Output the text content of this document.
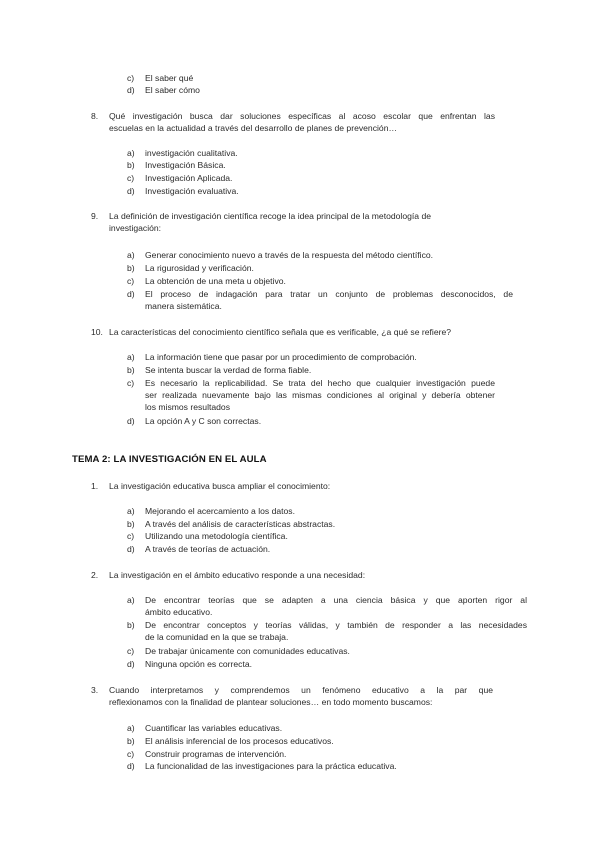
c) El saber qué
d) El saber cómo
8. Qué investigación busca dar soluciones específicas al acoso escolar que enfrentan las
escuelas en la actualidad a través del desarrollo de planes de prevención…
a) investigación cualitativa.
b) Investigación Básica.
c) Investigación Aplicada.
d) Investigación evaluativa.
9. La definición de investigación científica recoge la idea principal de la metodología de
investigación:
a) Generar conocimiento nuevo a través de la respuesta del método científico.
b) La rigurosidad y verificación.
c) La obtención de una meta u objetivo.
d) El proceso de indagación para tratar un conjunto de problemas desconocidos, de
manera sistemática.
10. La características del conocimiento científico señala que es verificable, ¿a qué se refiere?
a) La información tiene que pasar por un procedimiento de comprobación.
b) Se intenta buscar la verdad de forma fiable.
c) Es necesario la replicabilidad. Se trata del hecho que cualquier investigación puede
ser realizada nuevamente bajo las mismas condiciones al original y debería obtener
los mismos resultados
d) La opción A y C son correctas.
TEMA 2: LA INVESTIGACIÓN EN EL AULA
1. La investigación educativa busca ampliar el conocimiento:
a) Mejorando el acercamiento a los datos.
b) A través del análisis de características abstractas.
c) Utilizando una metodología científica.
d) A través de teorías de actuación.
2. La investigación en el ámbito educativo responde a una necesidad:
a) De encontrar teorías que se adapten a una ciencia básica y que aporten rigor al
ámbito educativo.
b) De encontrar conceptos y teorías válidas, y también de responder a las necesidades
de la comunidad en la que se trabaja.
c) De trabajar únicamente con comunidades educativas.
d) Ninguna opción es correcta.
3. Cuando interpretamos y comprendemos un fenómeno educativo a la par que
reflexionamos con la finalidad de plantear soluciones… en todo momento buscamos:
a) Cuantificar las variables educativas.
b) El análisis inferencial de los procesos educativos.
c) Construir programas de intervención.
d) La funcionalidad de las investigaciones para la práctica educativa.
